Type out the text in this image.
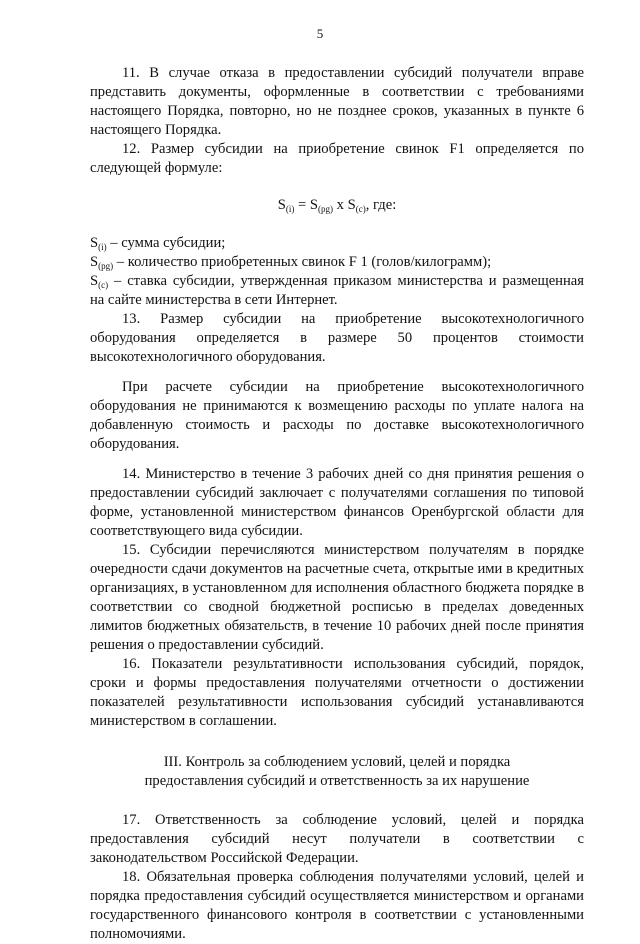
5

11. В случае отказа в предоставлении субсидий получатели вправе представить документы, оформленные в соответствии с требованиями настоящего Порядка, повторно, но не позднее сроков, указанных в пункте 6 настоящего Порядка.

12. Размер субсидии на приобретение свинок F1 определяется по следующей формуле:

$S_{(i)} = S_{(pg)}$ x $S_{(c)}$, где:

$S_{(i)}$ – сумма субсидии;

$S_{(pg)}$ – количество приобретенных свинок F 1 (голов/килограмм);

$S_{(c)}$ – ставка субсидии, утвержденная приказом министерства и размещенная на сайте министерства в сети Интернет.

13. Размер субсидии на приобретение высокотехнологичного оборудования определяется в размере 50 процентов стоимости высокотехнологичного оборудования.

При расчете субсидии на приобретение высокотехнологичного оборудования не принимаются к возмещению расходы по уплате налога на добавленную стоимость и расходы по доставке высокотехнологичного оборудования.

14. Министерство в течение 3 рабочих дней со дня принятия решения о предоставлении субсидий заключает с получателями соглашения по типовой форме, установленной министерством финансов Оренбургской области для соответствующего вида субсидии.

15. Субсидии перечисляются министерством получателям в порядке очередности сдачи документов на расчетные счета, открытые ими в кредитных организациях, в установленном для исполнения областного бюджета порядке в соответствии со сводной бюджетной росписью в пределах доведенных лимитов бюджетных обязательств, в течение 10 рабочих дней после принятия решения о предоставлении субсидий.

16. Показатели результативности использования субсидий, порядок, сроки и формы предоставления получателями отчетности о достижении показателей результативности использования субсидий устанавливаются министерством в соглашении.

III. Контроль за соблюдением условий, целей и порядка
предоставления субсидий и ответственность за их нарушение

17. Ответственность за соблюдение условий, целей и порядка предоставления субсидий несут получатели в соответствии с законодательством Российской Федерации.

18. Обязательная проверка соблюдения получателями условий, целей и порядка предоставления субсидий осуществляется министерством и органами государственного финансового контроля в соответствии с установленными полномочиями.
